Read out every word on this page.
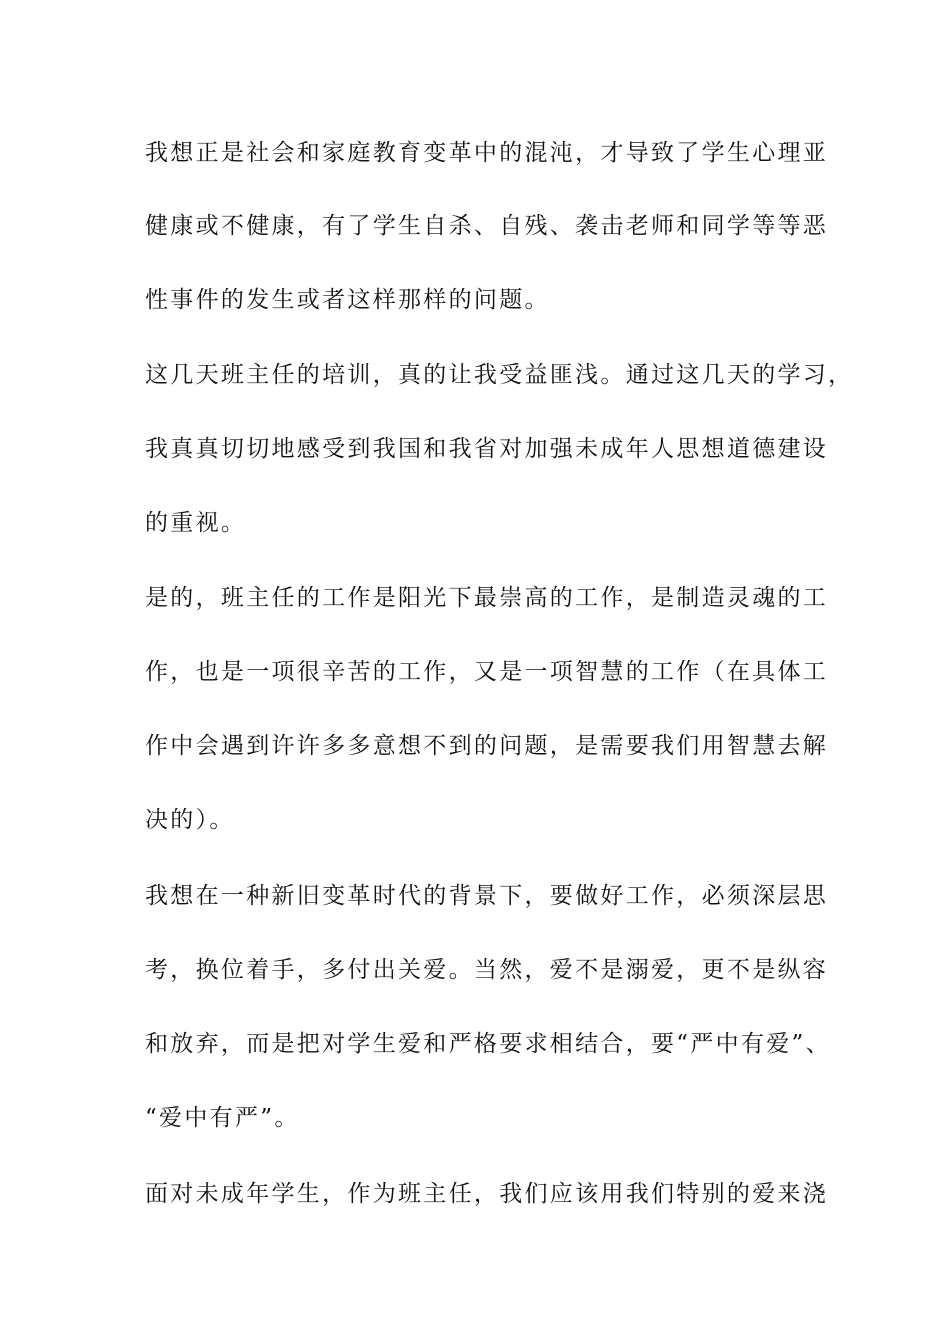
我想正是社会和家庭教育变革中的混沌，才导致了学生心理亚
健康或不健康，有了学生自杀、自残、袭击老师和同学等等恶
性事件的发生或者这样那样的问题。
这几天班主任的培训，真的让我受益匪浅。通过这几天的学习，
我真真切切地感受到我国和我省对加强未成年人思想道德建设
的重视。
是的，班主任的工作是阳光下最崇高的工作，是制造灵魂的工
作，也是一项很辛苦的工作，又是一项智慧的工作（在具体工
作中会遇到许许多多意想不到的问题，是需要我们用智慧去解
决的）。
我想在一种新旧变革时代的背景下，要做好工作，必须深层思
考，换位着手，多付出关爱。当然，爱不是溺爱，更不是纵容
和放弃，而是把对学生爱和严格要求相结合，要“严中有爱”、
“爱中有严”。
面对未成年学生，作为班主任，我们应该用我们特别的爱来浇
